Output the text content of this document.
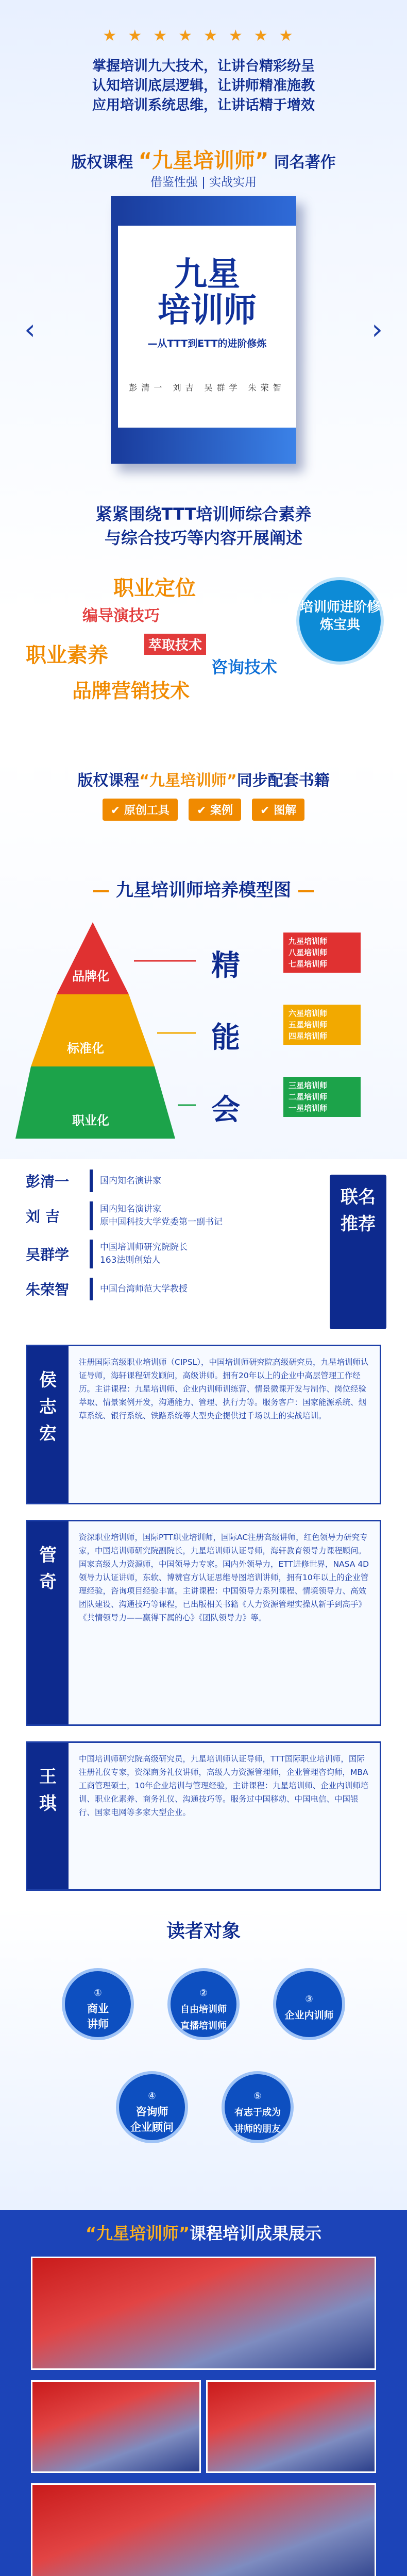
★★★★★★★★
掌握培训九大技术，让讲台精彩纷呈
认知培训底层逻辑，让讲师精准施教
应用培训系统思维，让讲话精于增效
版权课程 “九星培训师” 同名著作
借鉴性强 | 实战实用
‹	›
九星
培训师
—从TTT到ETT的进阶修炼
彭清一 刘吉 吴群学 朱荣智
紧紧围绕TTT培训师综合素养
与综合技巧等内容开展阐述
职业定位
编导演技巧
职业素养	萃取技术
咨询技术
品牌营销技术
培训师进阶修炼宝典
版权课程“九星培训师”同步配套书籍
✔ 原创工具 ✔ 案例 ✔ 图解
— 九星培训师培养模型图 —
品牌化
标准化
职业化
精
能
会
九星培训师
八星培训师
七星培训师
六星培训师
五星培训师
四星培训师
三星培训师
二星培训师
一星培训师
彭清一	国内知名演讲家
刘 吉	国内知名演讲家
原中国科技大学党委第一副书记
吴群学	中国培训师研究院院长
163法则创始人
朱荣智	中国台湾师范大学教授
联名推荐
侯志宏
注册国际高级职业培训师（CIPSL），中国培训师研究院高级研究员，九星培训师认证导师，海轩课程研发顾问，高级讲师。拥有20年以上的企业中高层管理工作经历。主讲课程：九星培训师、企业内训师训练营、情景微课开发与制作、岗位经验萃取、情景案例开发，沟通能力、管理、执行力等。服务客户：国家能源系统、烟草系统、银行系统、铁路系统等大型央企提供过千场以上的实战培训。
管 奇
资深职业培训师，国际PTT职业培训师，国际AC注册高级讲师，红色领导力研究专家，中国培训师研究院副院长，九星培训师认证导师，海轩教育领导力课程顾问。国家高级人力资源师，中国领导力专家。国内外领导力，ETT进修世界，NASA 4D领导力认证讲师，东软、博赞官方认证思维导图培训讲师，拥有10年以上的企业管理经验，咨询项目经验丰富。主讲课程：中国领导力系列课程、情境领导力、高效团队建设、沟通技巧等课程，已出版相关书籍《人力资源管理实操从新手到高手》《共情领导力——赢得下属的心》《团队领导力》等。
王 琪
中国培训师研究院高级研究员，九星培训师认证导师，TTT国际职业培训师，国际注册礼仪专家，资深商务礼仪讲师，高级人力资源管理师，企业管理咨询师，MBA工商管理硕士，10年企业培训与管理经验，主讲课程：九星培训师、企业内训师培训、职业化素养、商务礼仪、沟通技巧等。服务过中国移动、中国电信、中国银行、国家电网等多家大型企业。
读者对象
①
商业
讲师
②
自由培训师
直播培训师
③
企业内训师
④
咨询师
企业顾问
⑤
有志于成为
讲师的朋友
“九星培训师”课程培训成果展示
